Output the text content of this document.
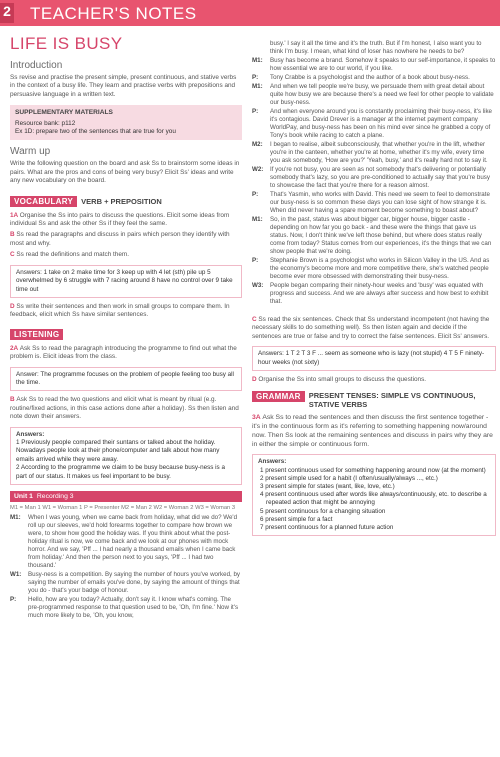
2 TEACHER'S NOTES
LIFE IS BUSY
Introduction

Ss revise and practise the present simple, present continuous, and stative verbs in the context of a busy life. They learn and practise verbs with prepositions and persuasive language in a written text.

SUPPLEMENTARY MATERIALS
Resource bank: p112
Ex 1D: prepare two of the sentences that are true for you
Warm up

Write the following question on the board and ask Ss to brainstorm some ideas in pairs. What are the pros and cons of being very busy? Elicit Ss' ideas and write any new vocabulary on the board.

VOCABULARY VERB + PREPOSITION

1A Organise the Ss into pairs to discuss the questions. Elicit some ideas from individual Ss and ask the other Ss if they feel the same.

B Ss read the paragraphs and discuss in pairs which person they identify with most and why.

C Ss read the definitions and match them.

Answers: 1 take on 2 make time for 3 keep up with 4 let (sth) pile up 5 overwhelmed by 6 struggle with 7 racing around 8 have no control over 9 take time out

D Ss write their sentences and then work in small groups to compare them. In feedback, elicit which Ss have similar sentences.

LISTENING

2A Ask Ss to read the paragraph introducing the programme to find out what the problem is. Elicit ideas from the class.

Answer: The programme focuses on the problem of people feeling too busy all the time.

B Ask Ss to read the two questions and elicit what is meant by ritual (e.g. routine/fixed actions, in this case actions done after a holiday). Ss then listen and note down their answers.

Answers:
1 Previously people compared their suntans or talked about the holiday. Nowadays people look at their phone/computer and talk about how many emails arrived while they were away.
2 According to the programme we claim to be busy because busy-ness is a part of our status. It makes us feel important to be busy.
Unit 1 Recording 3
M1 = Man 1 W1 = Woman 1 P = Presenter M2 = Man 2 W2 = Woman 2 W3 = Woman 3
M1:	When I was young, when we came back from holiday, what did we do? We'd roll up our sleeves, we'd hold forearms together to compare how brown we were, to show how good the holiday was. If you think about what the post-holiday ritual is now, we come back and we look at our phones with mock horror. And we say, 'Pff ... I had nearly a thousand emails when I came back from holiday.' And then the person next to you says, 'Pff ... I had two thousand.'
W1:	Busy-ness is a competition. By saying the number of hours you've worked, by saying the number of emails you've done, by saying the amount of things that you do - that's your badge of honour.
P:	Hello, how are you today? Actually, don't say it. I know what's coming. The pre-programmed response to that question used to be, 'Oh, I'm fine.' Now it's much more likely to be, 'Oh, you know,
busy.' I say it all the time and it's the truth. But if I'm honest, I also want you to think I'm busy. I mean, what kind of loser has nowhere he needs to be?
M1:	Busy has become a brand. Somehow it speaks to our self-importance, it speaks to how essential we are to our world, if you like.
P:	Tony Crabbe is a psychologist and the author of a book about busy-ness.
M1:	And when we tell people we're busy, we persuade them with great detail about quite how busy we are because there's a need we feel for other people to validate our busy-ness.
P:	And when everyone around you is constantly proclaiming their busy-ness, it's like it's contagious. David Drever is a manager at the internet payment company WorldPay, and busy-ness has been on his mind ever since he grabbed a copy of Tony's book while racing to catch a plane.
M2:	I began to realise, albeit subconsciously, that whether you're in the lift, whether you're in the canteen, whether you're at home, whether it's my wife, every time you ask somebody, 'How are you?' 'Yeah, busy,' and it's really hard not to say it.
W2:	If you're not busy, you are seen as not somebody that's delivering or potentially somebody that's lazy, so you are pre-conditioned to actually say that you're busy to showcase the fact that you're there for a reason almost.
P:	That's Yasmin, who works with David. This need we seem to feel to demonstrate our busy-ness is so common these days you can lose sight of how strange it is. When did never having a spare moment become something to boast about?
M1:	So, in the past, status was about bigger car, bigger house, bigger castle - depending on how far you go back - and these were the things that gave us status. Now, I don't think we've left those behind, but where does status really come from today? Status comes from our experiences, it's the things that we can show people that we're doing.
P:	Stephanie Brown is a psychologist who works in Silicon Valley in the US. And as the economy's become more and more competitive there, she's watched people become ever more obsessed with demonstrating their busy-ness.
W3:	People began comparing their ninety-hour weeks and 'busy' was equated with progress and success. And we are always after success and how best to exhibit that.

C Ss read the six sentences. Check that Ss understand incompetent (not having the necessary skills to do something well). Ss then listen again and decide if the sentences are true or false and try to correct the false sentences. Elicit Ss' answers.

Answers: 1 T 2 T 3 F ... seem as someone who is lazy (not stupid) 4 T 5 F ninety-hour weeks (not sixty)

D Organise the Ss into small groups to discuss the questions.

GRAMMAR	PRESENT TENSES: SIMPLE VS CONTINUOUS, STATIVE VERBS

3A Ask Ss to read the sentences and then discuss the first sentence together - it's in the continuous form as it's referring to something happening now/around now. Then Ss look at the remaining sentences and discuss in pairs why they are in either the simple or continuous form.

Answers:
1 present continuous used for something happening around now (at the moment)
2 present simple used for a habit (I often/usually/always ..., etc.)
3 present simple for states (want, like, love, etc.)
4 present continuous used after words like always/continuously, etc. to describe a repeated action that might be annoying
5 present continuous for a changing situation
6 present simple for a fact
7 present continuous for a planned future action
